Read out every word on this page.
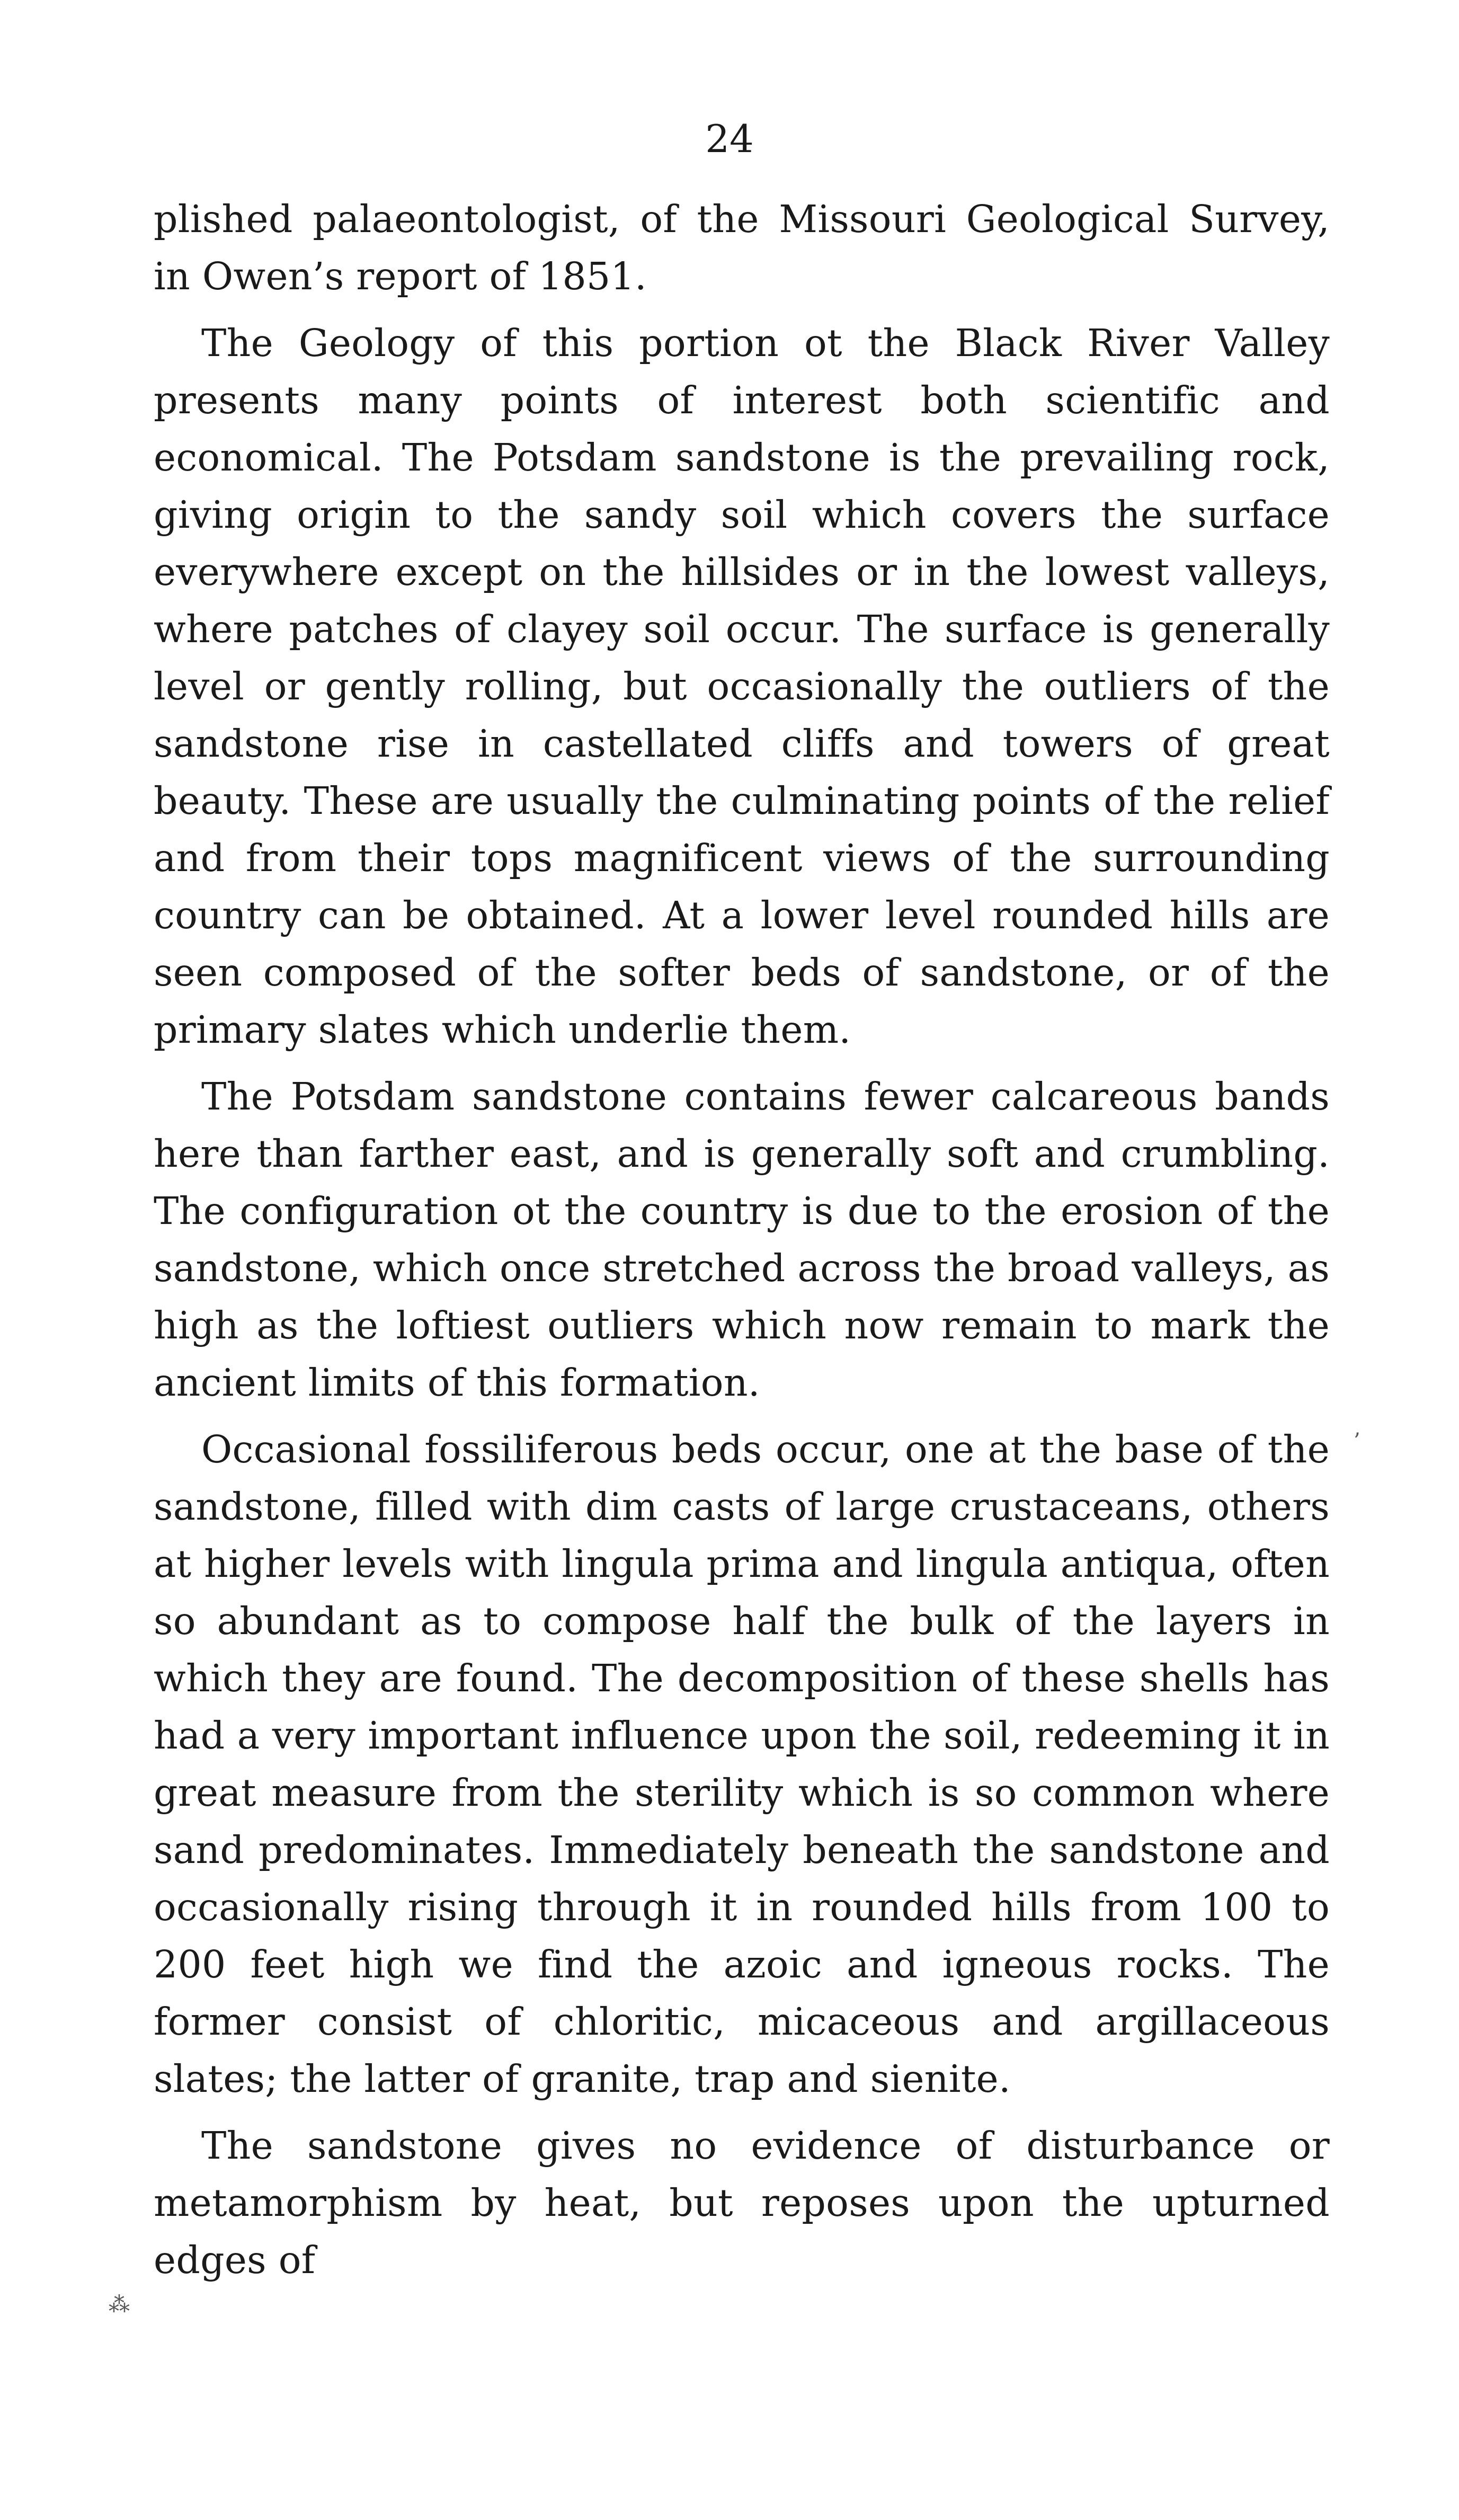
24

plished palaeontologist, of the Missouri Geological Survey, in Owen’s report of 1851.

The Geology of this portion ot the Black River Valley presents many points of interest both scientific and economical. The Potsdam sandstone is the prevailing rock, giving origin to the sandy soil which covers the surface everywhere except on the hillsides or in the lowest valleys, where patches of clayey soil occur. The surface is generally level or gently rolling, but occasionally the outliers of the sandstone rise in castellated cliffs and towers of great beauty. These are usually the culminating points of the relief and from their tops magnificent views of the surrounding country can be obtained. At a lower level rounded hills are seen composed of the softer beds of sandstone, or of the primary slates which underlie them.

The Potsdam sandstone contains fewer calcareous bands here than farther east, and is generally soft and crumbling. The configuration ot the country is due to the erosion of the sandstone, which once stretched across the broad valleys, as high as the loftiest outliers which now remain to mark the ancient limits of this formation.

Occasional fossiliferous beds occur, one at the base of the sandstone, filled with dim casts of large crustaceans, others at higher levels with lingula prima and lingula antiqua, often so abundant as to compose half the bulk of the layers in which they are found. The decomposition of these shells has had a very important influence upon the soil, redeeming it in great measure from the sterility which is so common where sand predominates. Immediately beneath the sandstone and occasionally rising through it in rounded hills from 100 to 200 feet high we find the azoic and igneous rocks. The former consist of chloritic, micaceous and argillaceous slates; the latter of granite, trap and sienite.

The sandstone gives no evidence of disturbance or metamorphism by heat, but reposes upon the upturned edges of

’
⁂
